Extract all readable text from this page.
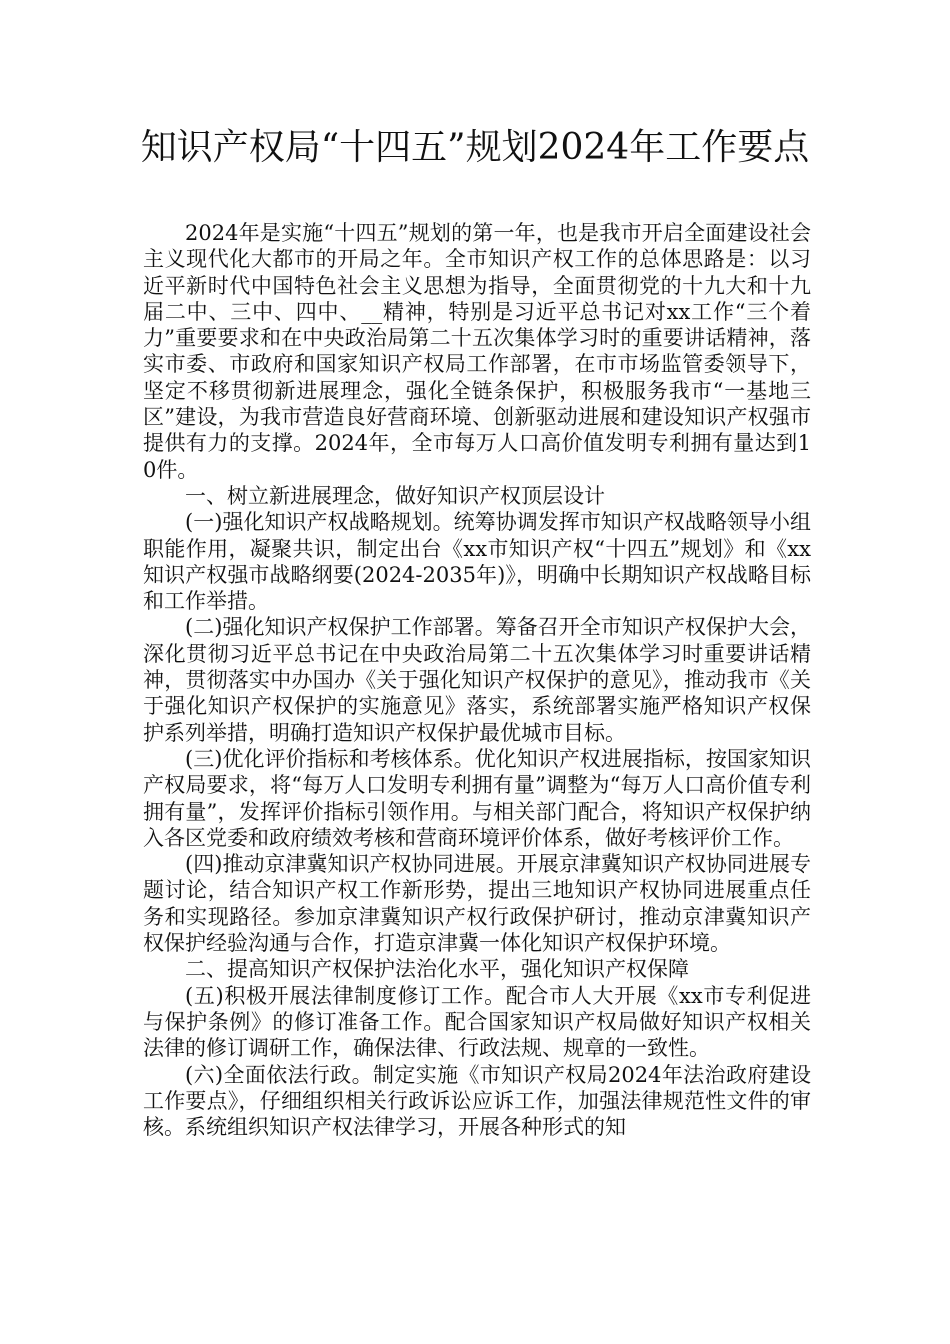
知识产权局“十四五”规划2024年工作要点

2024年是实施“十四五”规划的第一年，也是我市开启全面建设社会主义现代化大都市的开局之年。全市知识产权工作的总体思路是：以习近平新时代中国特色社会主义思想为指导，全面贯彻党的十九大和十九届二中、三中、四中、__精神，特别是习近平总书记对xx工作“三个着力”重要要求和在中央政治局第二十五次集体学习时的重要讲话精神，落实市委、市政府和国家知识产权局工作部署，在市市场监管委领导下，坚定不移贯彻新进展理念，强化全链条保护，积极服务我市“一基地三区”建设，为我市营造良好营商环境、创新驱动进展和建设知识产权强市提供有力的支撑。2024年，全市每万人口高价值发明专利拥有量达到10件。

一、树立新进展理念，做好知识产权顶层设计

(一)强化知识产权战略规划。统筹协调发挥市知识产权战略领导小组职能作用，凝聚共识，制定出台《xx市知识产权“十四五”规划》和《xx知识产权强市战略纲要(2024-2035年)》，明确中长期知识产权战略目标和工作举措。

(二)强化知识产权保护工作部署。筹备召开全市知识产权保护大会，深化贯彻习近平总书记在中央政治局第二十五次集体学习时重要讲话精神，贯彻落实中办国办《关于强化知识产权保护的意见》，推动我市《关于强化知识产权保护的实施意见》落实，系统部署实施严格知识产权保护系列举措，明确打造知识产权保护最优城市目标。

(三)优化评价指标和考核体系。优化知识产权进展指标，按国家知识产权局要求，将“每万人口发明专利拥有量”调整为“每万人口高价值专利拥有量”，发挥评价指标引领作用。与相关部门配合，将知识产权保护纳入各区党委和政府绩效考核和营商环境评价体系，做好考核评价工作。

(四)推动京津冀知识产权协同进展。开展京津冀知识产权协同进展专题讨论，结合知识产权工作新形势，提出三地知识产权协同进展重点任务和实现路径。参加京津冀知识产权行政保护研讨，推动京津冀知识产权保护经验沟通与合作，打造京津冀一体化知识产权保护环境。

二、提高知识产权保护法治化水平，强化知识产权保障

(五)积极开展法律制度修订工作。配合市人大开展《xx市专利促进与保护条例》的修订准备工作。配合国家知识产权局做好知识产权相关法律的修订调研工作，确保法律、行政法规、规章的一致性。

(六)全面依法行政。制定实施《市知识产权局2024年法治政府建设工作要点》，仔细组织相关行政诉讼应诉工作，加强法律规范性文件的审核。系统组织知识产权法律学习，开展各种形式的知
